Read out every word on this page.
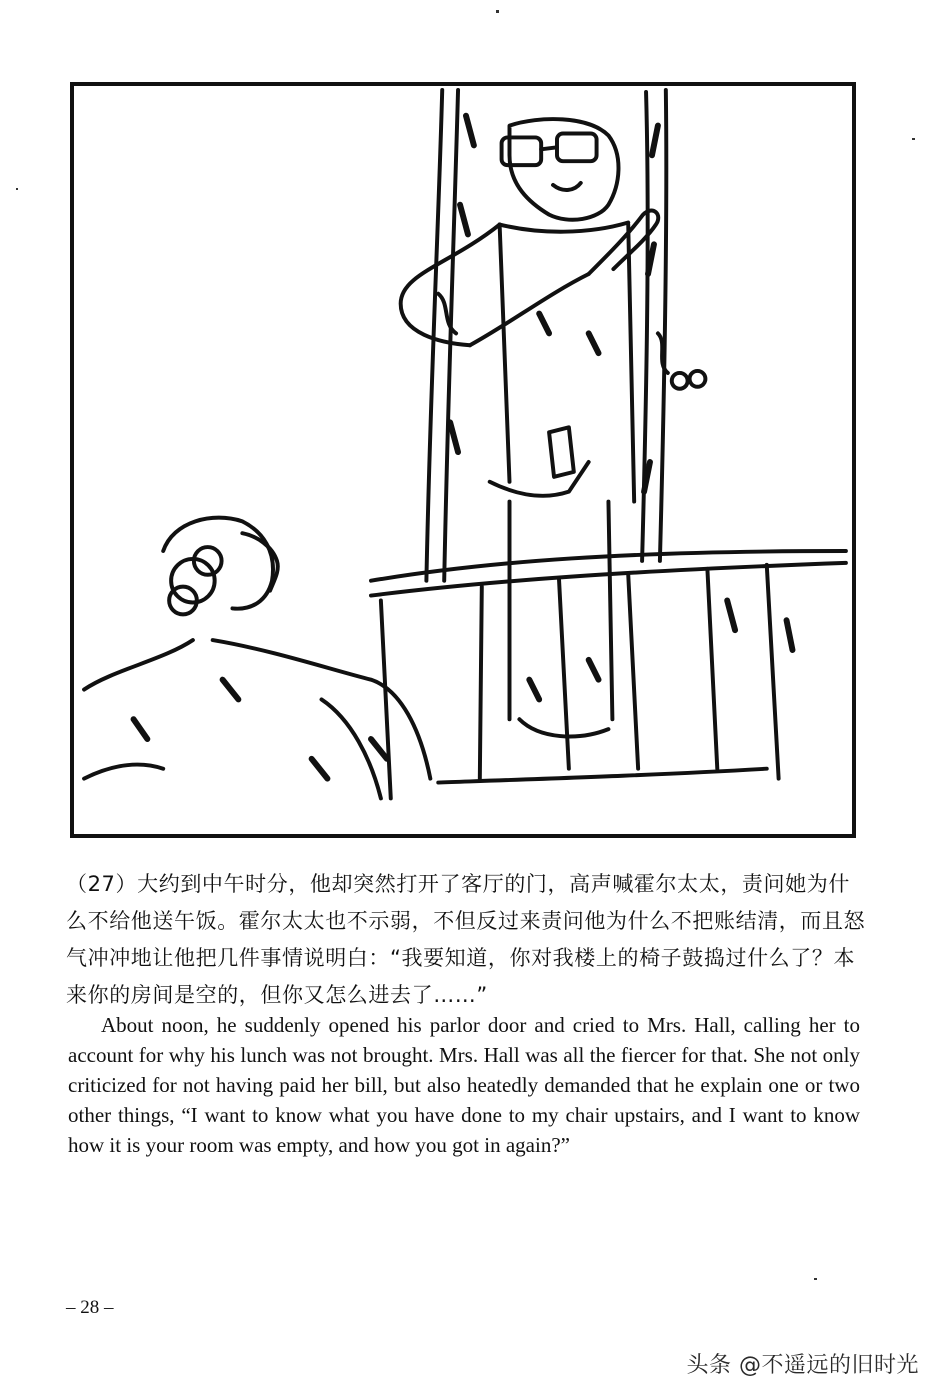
（27）大约到中午时分，他却突然打开了客厅的门，高声喊霍尔太太，责问她为什么不给他送午饭。霍尔太太也不示弱，不但反过来责问他为什么不把账结清，而且怒气冲冲地让他把几件事情说明白：“我要知道，你对我楼上的椅子鼓捣过什么了？本来你的房间是空的，但你又怎么进去了……”

About noon, he suddenly opened his parlor door and cried to Mrs. Hall, calling her to account for why his lunch was not brought. Mrs. Hall was all the fiercer for that. She not only criticized for not having paid her bill, but also heatedly demanded that he explain one or two other things, “I want to know what you have done to my chair upstairs, and I want to know how it is your room was empty, and how you got in again?”

– 28 –
头条 @不遥远的旧时光
